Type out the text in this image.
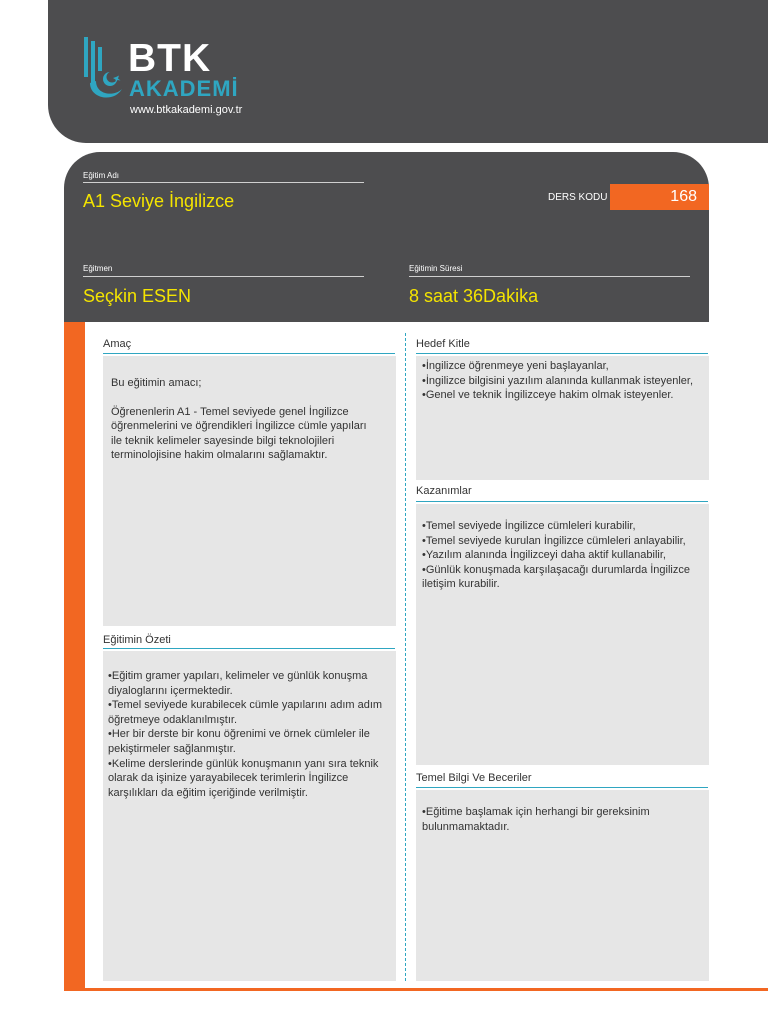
BTK
AKADEMİ
www.btkakademi.gov.tr
Eğitim Adı
A1 Seviye İngilizce	DERS KODU	168
Eğitmen
Seçkin ESEN
Eğitimin Süresi
8 saat 36Dakika
Amaç

Bu eğitimin amacı;

Öğrenenlerin A1 - Temel seviyede genel İngilizce öğrenmelerini ve öğrendikleri İngilizce cümle yapıları ile teknik kelimeler sayesinde bilgi teknolojileri terminolojisine hakim olmalarını sağlamaktır.

Eğitimin Özeti

•Eğitim gramer yapıları, kelimeler ve günlük konuşma diyaloglarını içermektedir.

•Temel seviyede kurabilecek cümle yapılarını adım adım öğretmeye odaklanılmıştır.

•Her bir derste bir konu öğrenimi ve örnek cümleler ile pekiştirmeler sağlanmıştır.

•Kelime derslerinde günlük konuşmanın yanı sıra teknik olarak da işinize yarayabilecek terimlerin İngilizce karşılıkları da eğitim içeriğinde verilmiştir.

Hedef Kitle

•İngilizce öğrenmeye yeni başlayanlar,

•İngilizce bilgisini yazılım alanında kullanmak isteyenler,

•Genel ve teknik İngilizceye hakim olmak isteyenler.

Kazanımlar

•Temel seviyede İngilizce cümleleri kurabilir,

•Temel seviyede kurulan İngilizce cümleleri anlayabilir,

•Yazılım alanında İngilizceyi daha aktif kullanabilir,

•Günlük konuşmada karşılaşacağı durumlarda İngilizce iletişim kurabilir.

Temel Bilgi Ve Beceriler

•Eğitime başlamak için herhangi bir gereksinim bulunmamaktadır.
